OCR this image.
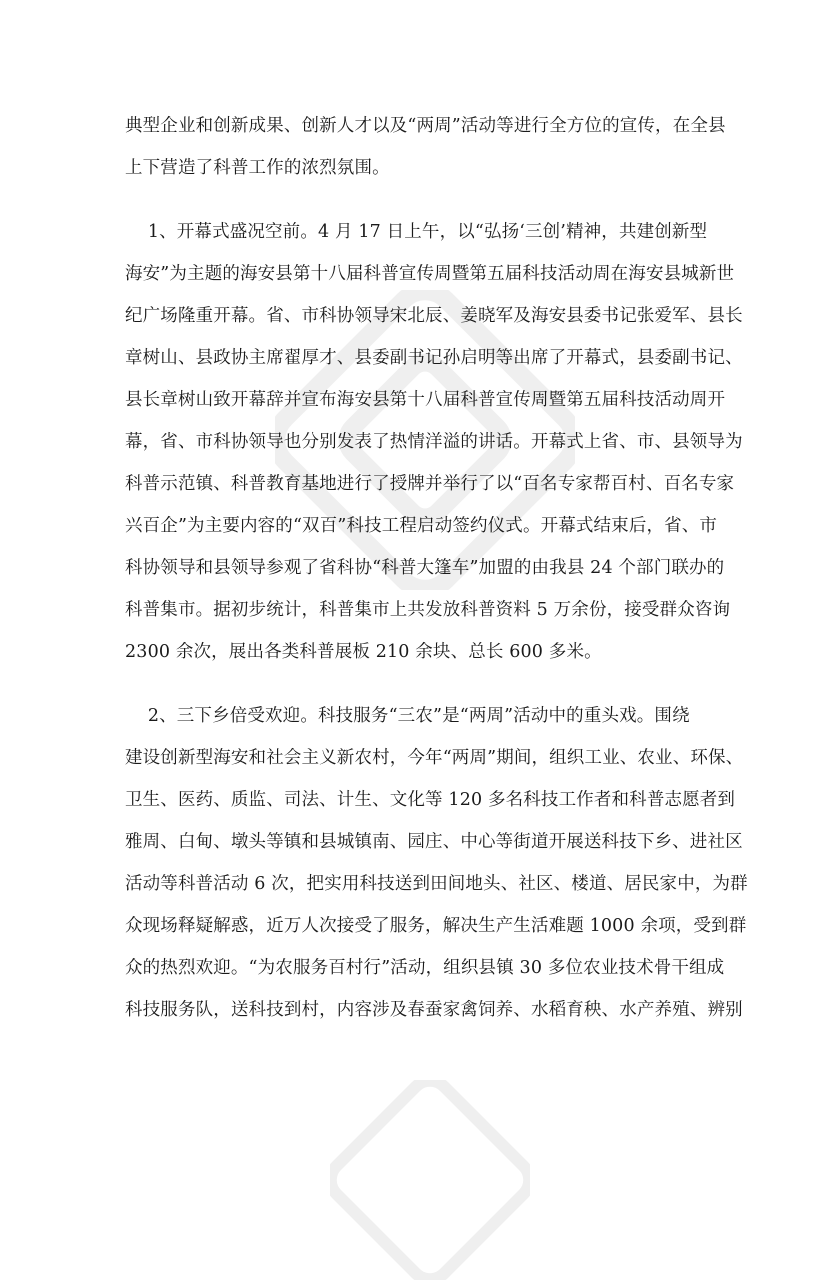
典型企业和创新成果、创新人才以及“两周”活动等进行全方位的宣传，在全县
上下营造了科普工作的浓烈氛围。
1、开幕式盛况空前。4 月 17 日上午，以“弘扬‘三创’精神，共建创新型
海安”为主题的海安县第十八届科普宣传周暨第五届科技活动周在海安县城新世
纪广场隆重开幕。省、市科协领导宋北辰、姜晓军及海安县委书记张爱军、县长
章树山、县政协主席翟厚才、县委副书记孙启明等出席了开幕式，县委副书记、
县长章树山致开幕辞并宣布海安县第十八届科普宣传周暨第五届科技活动周开
幕，省、市科协领导也分别发表了热情洋溢的讲话。开幕式上省、市、县领导为
科普示范镇、科普教育基地进行了授牌并举行了以“百名专家帮百村、百名专家
兴百企”为主要内容的“双百”科技工程启动签约仪式。开幕式结束后，省、市
科协领导和县领导参观了省科协“科普大篷车”加盟的由我县 24 个部门联办的
科普集市。据初步统计，科普集市上共发放科普资料 5 万余份，接受群众咨询
2300 余次，展出各类科普展板 210 余块、总长 600 多米。
2、三下乡倍受欢迎。科技服务“三农”是“两周”活动中的重头戏。围绕
建设创新型海安和社会主义新农村，今年“两周”期间，组织工业、农业、环保、
卫生、医药、质监、司法、计生、文化等 120 多名科技工作者和科普志愿者到
雅周、白甸、墩头等镇和县城镇南、园庄、中心等街道开展送科技下乡、进社区
活动等科普活动 6 次，把实用科技送到田间地头、社区、楼道、居民家中，为群
众现场释疑解惑，近万人次接受了服务，解决生产生活难题 1000 余项，受到群
众的热烈欢迎。“为农服务百村行”活动，组织县镇 30 多位农业技术骨干组成
科技服务队，送科技到村，内容涉及春蚕家禽饲养、水稻育秧、水产养殖、辨别
